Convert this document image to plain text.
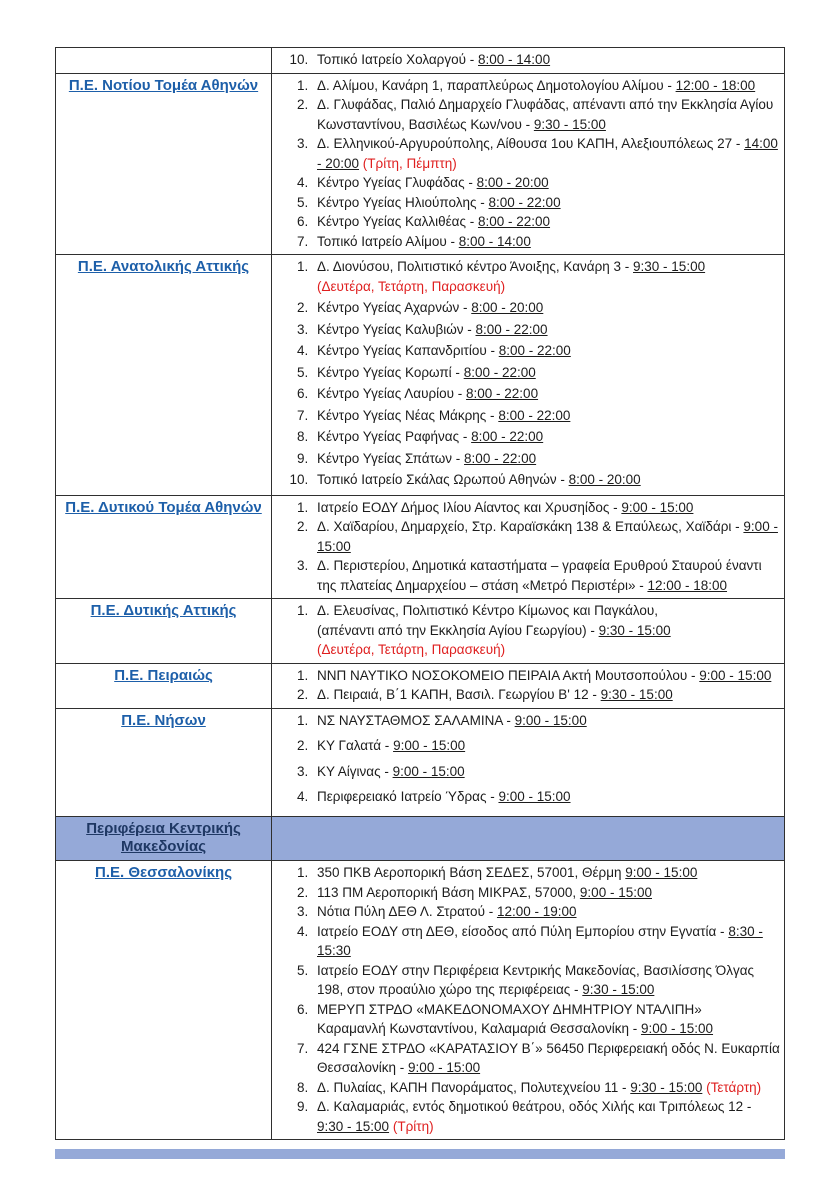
10. Τοπικό Ιατρείο Χολαργού - 8:00 - 14:00

Π.Ε. Νοτίου Τομέα Αθηνών	
1.Δ. Αλίμου, Κανάρη 1, παραπλεύρως Δημοτολογίου Αλίμου - 12:00 - 18:00
2. Δ. Γλυφάδας, Παλιό Δημαρχείο Γλυφάδας, απέναντι από την Εκκλησία Αγίου Κωνσταντίνου, Βασιλέως Κων/νου - 9:30 - 15:00
3. Δ. Ελληνικού-Αργυρούπολης, Αίθουσα 1ου ΚΑΠΗ, Αλεξιουπόλεως 27 - 14:00 - 20:00 (Τρίτη, Πέμπτη)
4. Κέντρο Υγείας Γλυφάδας - 8:00 - 20:00
5. Κέντρο Υγείας Ηλιούπολης - 8:00 - 22:00
6. Κέντρο Υγείας Καλλιθέας - 8:00 - 22:00
7. Τοπικό Ιατρείο Αλίμου - 8:00 - 14:00

Π.Ε. Ανατολικής Αττικής	
1.Δ. Διονύσου, Πολιτιστικό κέντρο Άνοιξης, Κανάρη 3 - 9:30 - 15:00
(Δευτέρα, Τετάρτη, Παρασκευή)
2. Κέντρο Υγείας Αχαρνών - 8:00 - 20:00
3. Κέντρο Υγείας Καλυβιών - 8:00 - 22:00
4. Κέντρο Υγείας Καπανδριτίου - 8:00 - 22:00
5. Κέντρο Υγείας Κορωπί - 8:00 - 22:00
6. Κέντρο Υγείας Λαυρίου - 8:00 - 22:00
7. Κέντρο Υγείας Νέας Μάκρης - 8:00 - 22:00
8. Κέντρο Υγείας Ραφήνας - 8:00 - 22:00
9. Κέντρο Υγείας Σπάτων - 8:00 - 22:00
10. Τοπικό Ιατρείο Σκάλας Ωρωπού Αθηνών - 8:00 - 20:00

Π.Ε. Δυτικού Τομέα Αθηνών	
1.Ιατρείο ΕΟΔΥ Δήμος Ιλίου Αίαντος και Χρυσηίδος - 9:00 - 15:00
2. Δ. Χαϊδαρίου, Δημαρχείο, Στρ. Καραϊσκάκη 138 & Επαύλεως, Χαϊδάρι - 9:00 - 15:00
3. Δ. Περιστερίου, Δημοτικά καταστήματα – γραφεία Ερυθρού Σταυρού έναντι της πλατείας Δημαρχείου – στάση «Μετρό Περιστέρι» - 12:00 - 18:00

Π.Ε. Δυτικής Αττικής	
1.Δ. Ελευσίνας, Πολιτιστικό Κέντρο Κίμωνος και Παγκάλου,
(απέναντι από την Εκκλησία Αγίου Γεωργίου) - 9:30 - 15:00
(Δευτέρα, Τετάρτη, Παρασκευή)

Π.Ε. Πειραιώς	
1.ΝΝΠ ΝΑΥΤΙΚΟ ΝΟΣΟΚΟΜΕΙΟ ΠΕΙΡΑΙΑ Ακτή Μουτσοπούλου - 9:00 - 15:00
2. Δ. Πειραιά, Β΄1 ΚΑΠΗ, Βασιλ. Γεωργίου Β' 12 - 9:30 - 15:00

Π.Ε. Νήσων	
1.ΝΣ ΝΑΥΣΤΑΘΜΟΣ ΣΑΛΑΜΙΝΑ - 9:00 - 15:00
2. ΚΥ Γαλατά - 9:00 - 15:00
3. ΚΥ Αίγινας - 9:00 - 15:00
4. Περιφερειακό Ιατρείο Ύδρας - 9:00 - 15:00

Περιφέρεια Κεντρικής Μακεδονίας	
Π.Ε. Θεσσαλονίκης	
1.350 ΠΚΒ Αεροπορική Βάση ΣΕΔΕΣ, 57001, Θέρμη 9:00 - 15:00
2. 113 ΠΜ Αεροπορική Βάση ΜΙΚΡΑΣ, 57000, 9:00 - 15:00
3. Νότια Πύλη ΔΕΘ Λ. Στρατού - 12:00 - 19:00
4. Ιατρείο ΕΟΔΥ στη ΔΕΘ, είσοδος από Πύλη Εμπορίου στην Εγνατία - 8:30 - 15:30
5. Ιατρείο ΕΟΔΥ στην Περιφέρεια Κεντρικής Μακεδονίας, Βασιλίσσης Όλγας 198, στον προαύλιο χώρο της περιφέρειας - 9:30 - 15:00
6. ΜΕΡΥΠ ΣΤΡΔΟ «ΜΑΚΕΔΟΝΟΜΑΧΟΥ ΔΗΜΗΤΡΙΟΥ ΝΤΑΛΙΠΗ»
Καραμανλή Κωνσταντίνου, Καλαμαριά Θεσσαλονίκη - 9:00 - 15:00
7. 424 ΓΣΝΕ ΣΤΡΔΟ «ΚΑΡΑΤΑΣΙΟΥ Β΄» 56450 Περιφερειακή οδός Ν. Ευκαρπία Θεσσαλονίκη - 9:00 - 15:00
8. Δ. Πυλαίας, ΚΑΠΗ Πανοράματος, Πολυτεχνείου 11 - 9:30 - 15:00 (Τετάρτη)
9. Δ. Καλαμαριάς, εντός δημοτικού θεάτρου, οδός Χιλής και Τριπόλεως 12 - 9:30 - 15:00 (Τρίτη)
